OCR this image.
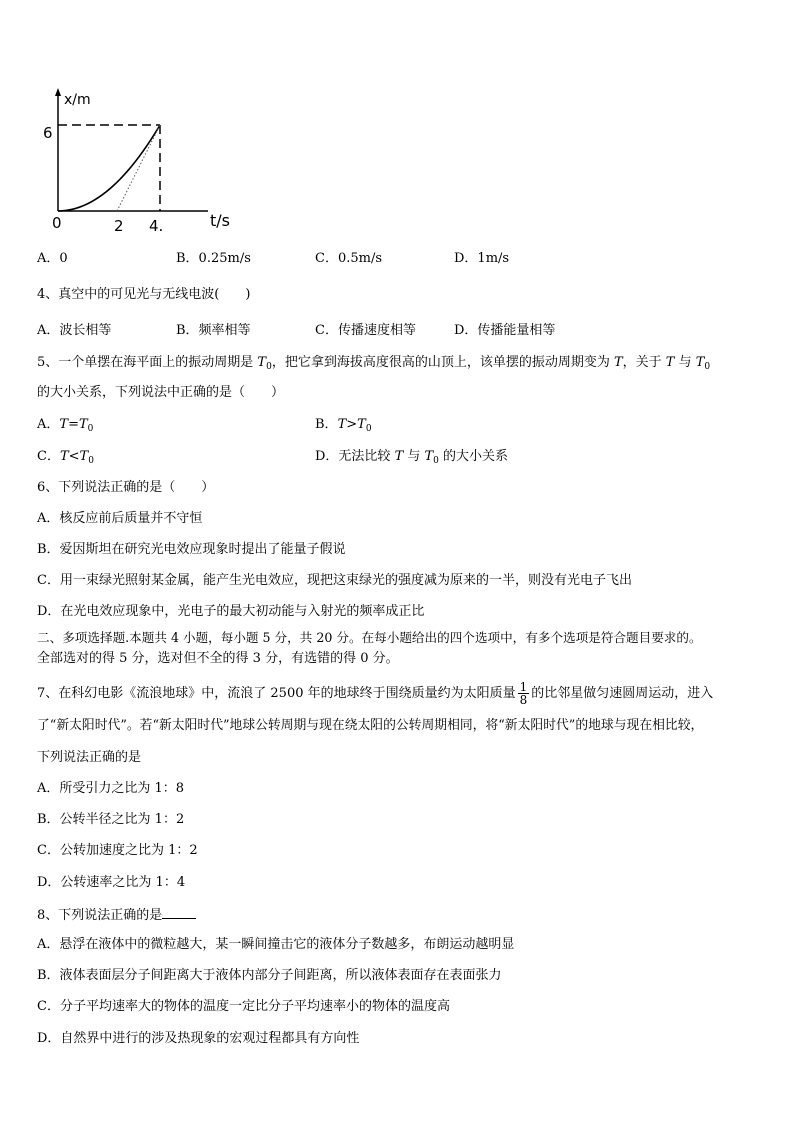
x/m
6
0	2 4.	t/s
A．0	B．0.25m/s	C．0.5m/s	D．1m/s
4、真空中的可见光与无线电波(　　)
A．波长相等	B．频率相等	C．传播速度相等	D．传播能量相等
5、一个单摆在海平面上的振动周期是 $T_0$，把它拿到海拔高度很高的山顶上，该单摆的振动周期变为 T，关于 T 与 $T_0$
的大小关系，下列说法中正确的是（　　）
A．$T=T_0$	B．$T>T_0$
C．$T<T_0$	D．无法比较 T 与 $T_0$ 的大小关系
6、下列说法正确的是（　　）
A．核反应前后质量并不守恒
B．爱因斯坦在研究光电效应现象时提出了能量子假说
C．用一束绿光照射某金属，能产生光电效应，现把这束绿光的强度减为原来的一半，则没有光电子飞出
D．在光电效应现象中，光电子的最大初动能与入射光的频率成正比
二、多项选择题.本题共 4 小题，每小题 5 分，共 20 分。在每小题给出的四个选项中，有多个选项是符合题目要求的。
全部选对的得 5 分，选对但不全的得 3 分，有选错的得 0 分。
7、在科幻电影《流浪地球》中，流浪了 2500 年的地球终于围绕质量约为太阳质量 $\frac{1}{8}$ 的比邻星做匀速圆周运动，进入
了“新太阳时代”。若“新太阳时代”地球公转周期与现在绕太阳的公转周期相同，将“新太阳时代”的地球与现在相比较，
下列说法正确的是
A．所受引力之比为 1：8
B．公转半径之比为 1：2
C．公转加速度之比为 1：2
D．公转速率之比为 1：4
8、下列说法正确的是
A．悬浮在液体中的微粒越大，某一瞬间撞击它的液体分子数越多，布朗运动越明显
B．液体表面层分子间距离大于液体内部分子间距离，所以液体表面存在表面张力
C．分子平均速率大的物体的温度一定比分子平均速率小的物体的温度高
D．自然界中进行的涉及热现象的宏观过程都具有方向性
